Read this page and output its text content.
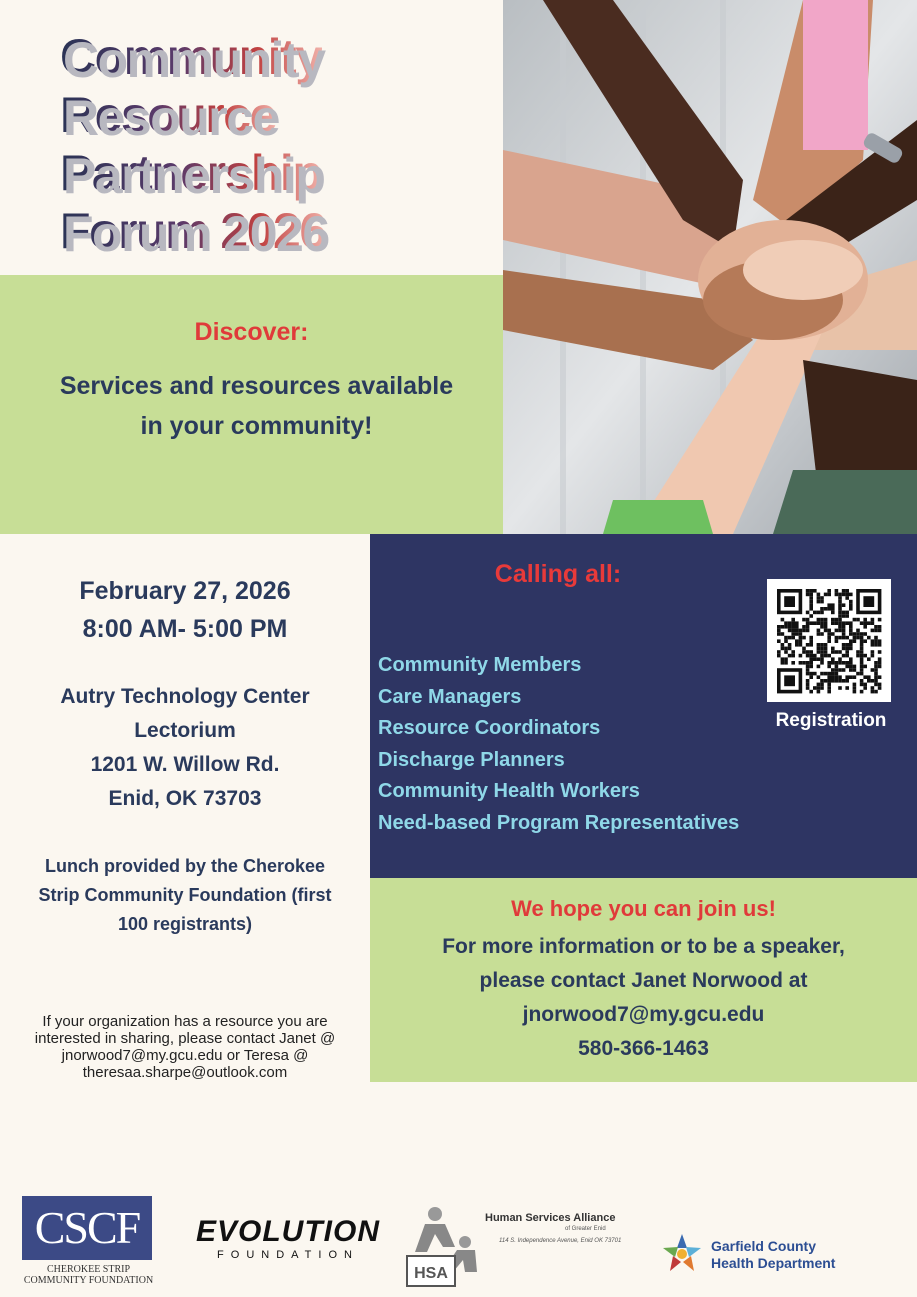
Community
Resource
Partnership
Forum 2026
Discover:
Services and resources available
in your community!
February 27, 2026
8:00 AM- 5:00 PM
Autry Technology Center
Lectorium
1201 W. Willow Rd.
Enid, OK 73703
Lunch provided by the Cherokee
Strip Community Foundation (first
100 registrants)
If your organization has a resource you are
interested in sharing, please contact Janet @
jnorwood7@my.gcu.edu or Teresa @
theresaa.sharpe@outlook.com
Calling all:
Community Members
Care Managers
Resource Coordinators
Discharge Planners
Community Health Workers
Need-based Program Representatives
Registration
We hope you can join us!
For more information or to be a speaker,
please contact Janet Norwood at
jnorwood7@my.gcu.edu
580-366-1463
CSCF
CHEROKEE STRIP
COMMUNITY FOUNDATION
EVOLUTION
FOUNDATION
HSA
Human Services Alliance
of Greater Enid
114 S. Independence Avenue, Enid OK 73701	Garfield County
Health Department
